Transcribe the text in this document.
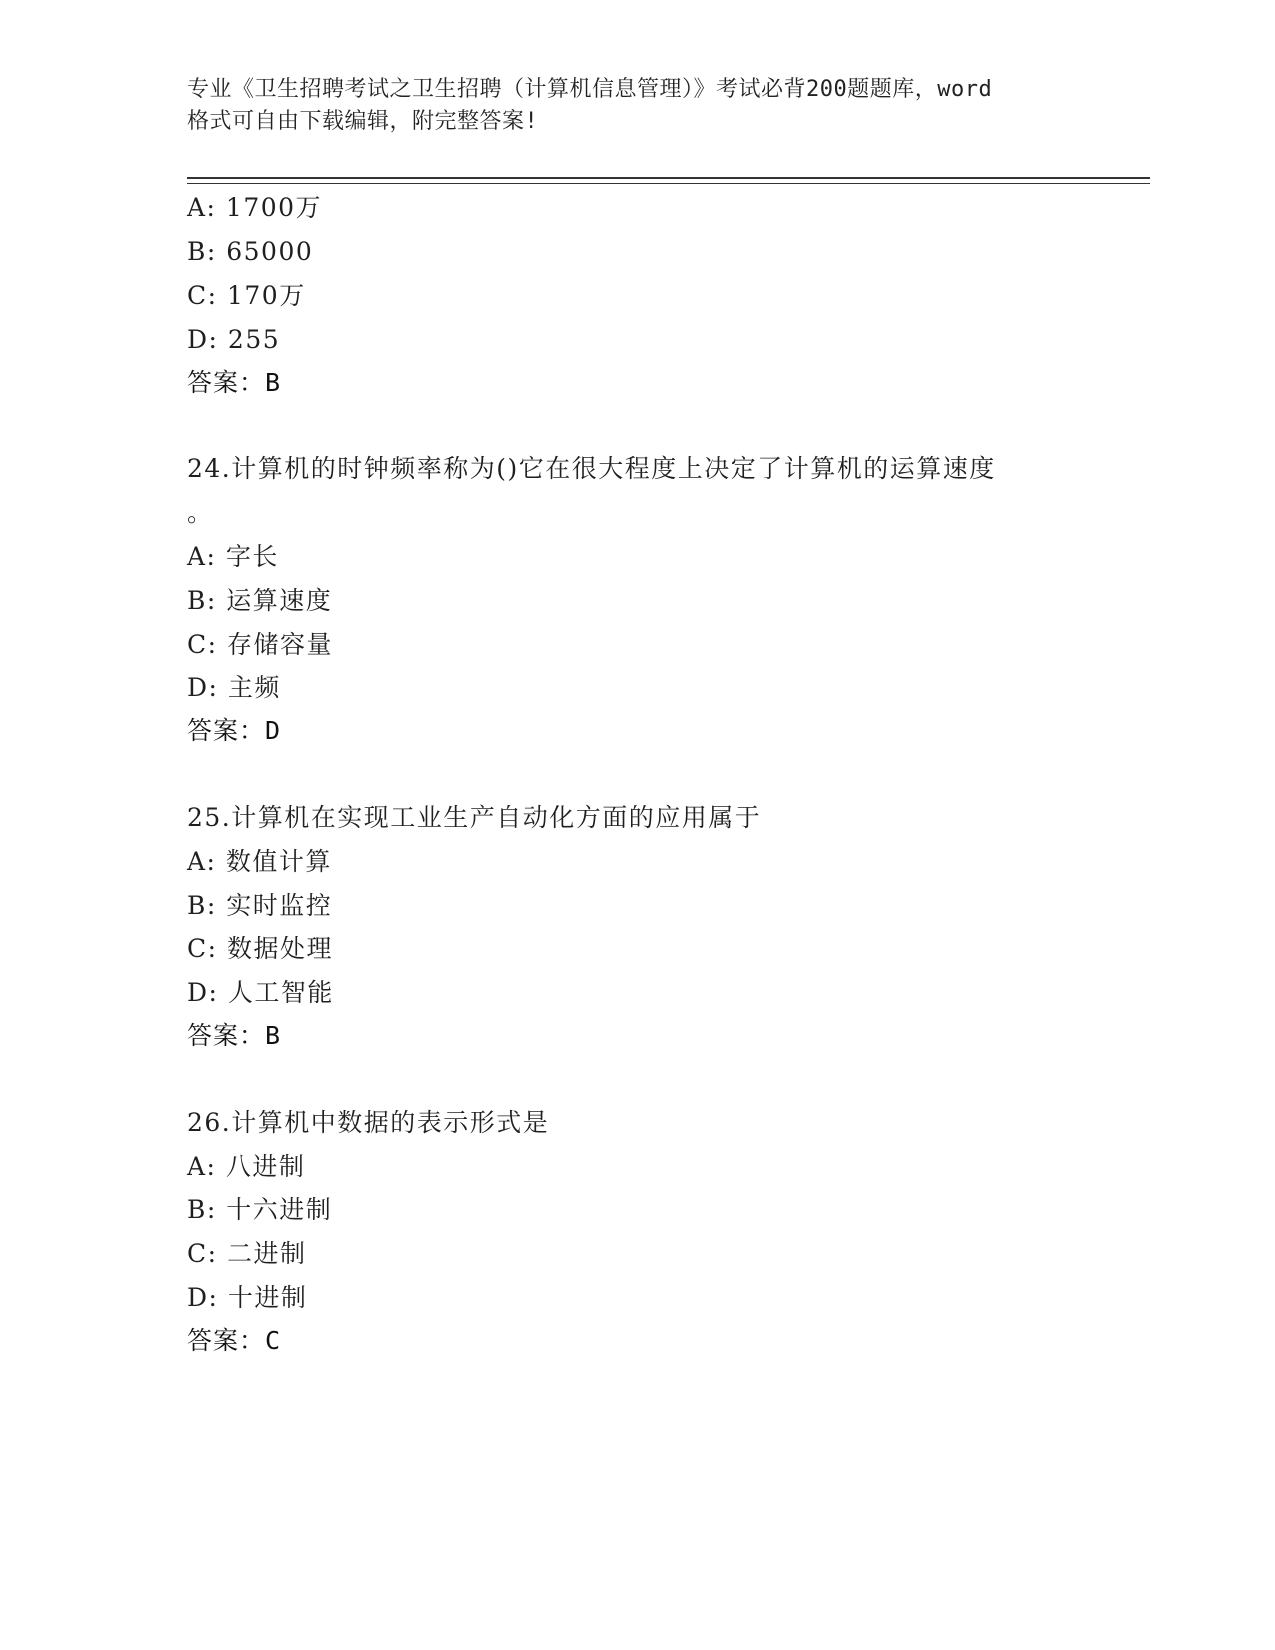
专业《卫生招聘考试之卫生招聘（计算机信息管理）》考试必背200题题库，word
格式可自由下载编辑，附完整答案!
A: 1700万
B: 65000
C: 170万
D: 255
答案：B
24.计算机的时钟频率称为()它在很大程度上决定了计算机的运算速度
。
A: 字长
B: 运算速度
C: 存储容量
D: 主频
答案：D
25.计算机在实现工业生产自动化方面的应用属于
A: 数值计算
B: 实时监控
C: 数据处理
D: 人工智能
答案：B
26.计算机中数据的表示形式是
A: 八进制
B: 十六进制
C: 二进制
D: 十进制
答案：C
